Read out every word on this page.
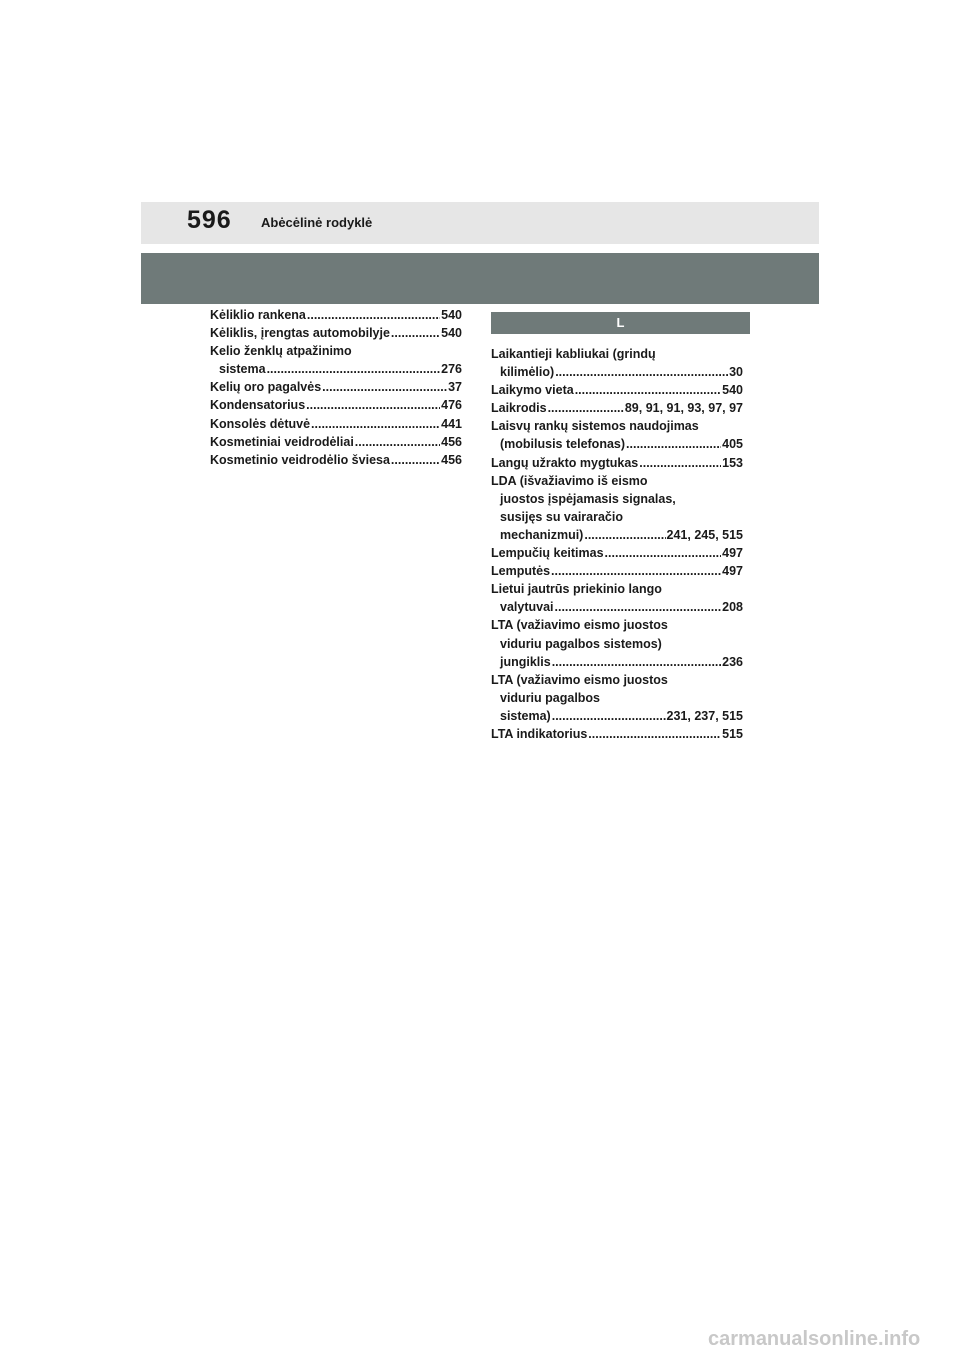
596 Abėcėlinė rodyklė
Kėliklio rankena .....	540
Kėliklis, įrengtas automobilyje .....	540
Kelio ženklų atpažinimo
sistema .....	276
Kelių oro pagalvės .....	37
Kondensatorius .....	476
Konsolės dėtuvė .....	441
Kosmetiniai veidrodėliai .....	456
Kosmetinio veidrodėlio šviesa .....	456
L
Laikantieji kabliukai (grindų
kilimėlio) .....	30
Laikymo vieta .....	540
Laikrodis .....	89, 91, 91, 93, 97, 97
Laisvų rankų sistemos naudojimas
(mobilusis telefonas) .....	405
Langų užrakto mygtukas .....	153
LDA (išvažiavimo iš eismo
juostos įspėjamasis signalas,
susijęs su vairaračio
mechanizmui) .....	241, 245, 515
Lempučių keitimas .....	497
Lemputės .....	497
Lietui jautrūs priekinio lango
valytuvai .....	208
LTA (važiavimo eismo juostos
viduriu pagalbos sistemos)
jungiklis .....	236
LTA (važiavimo eismo juostos
viduriu pagalbos
sistema) .....	231, 237, 515
LTA indikatorius .....	515
carmanualsonline.info
